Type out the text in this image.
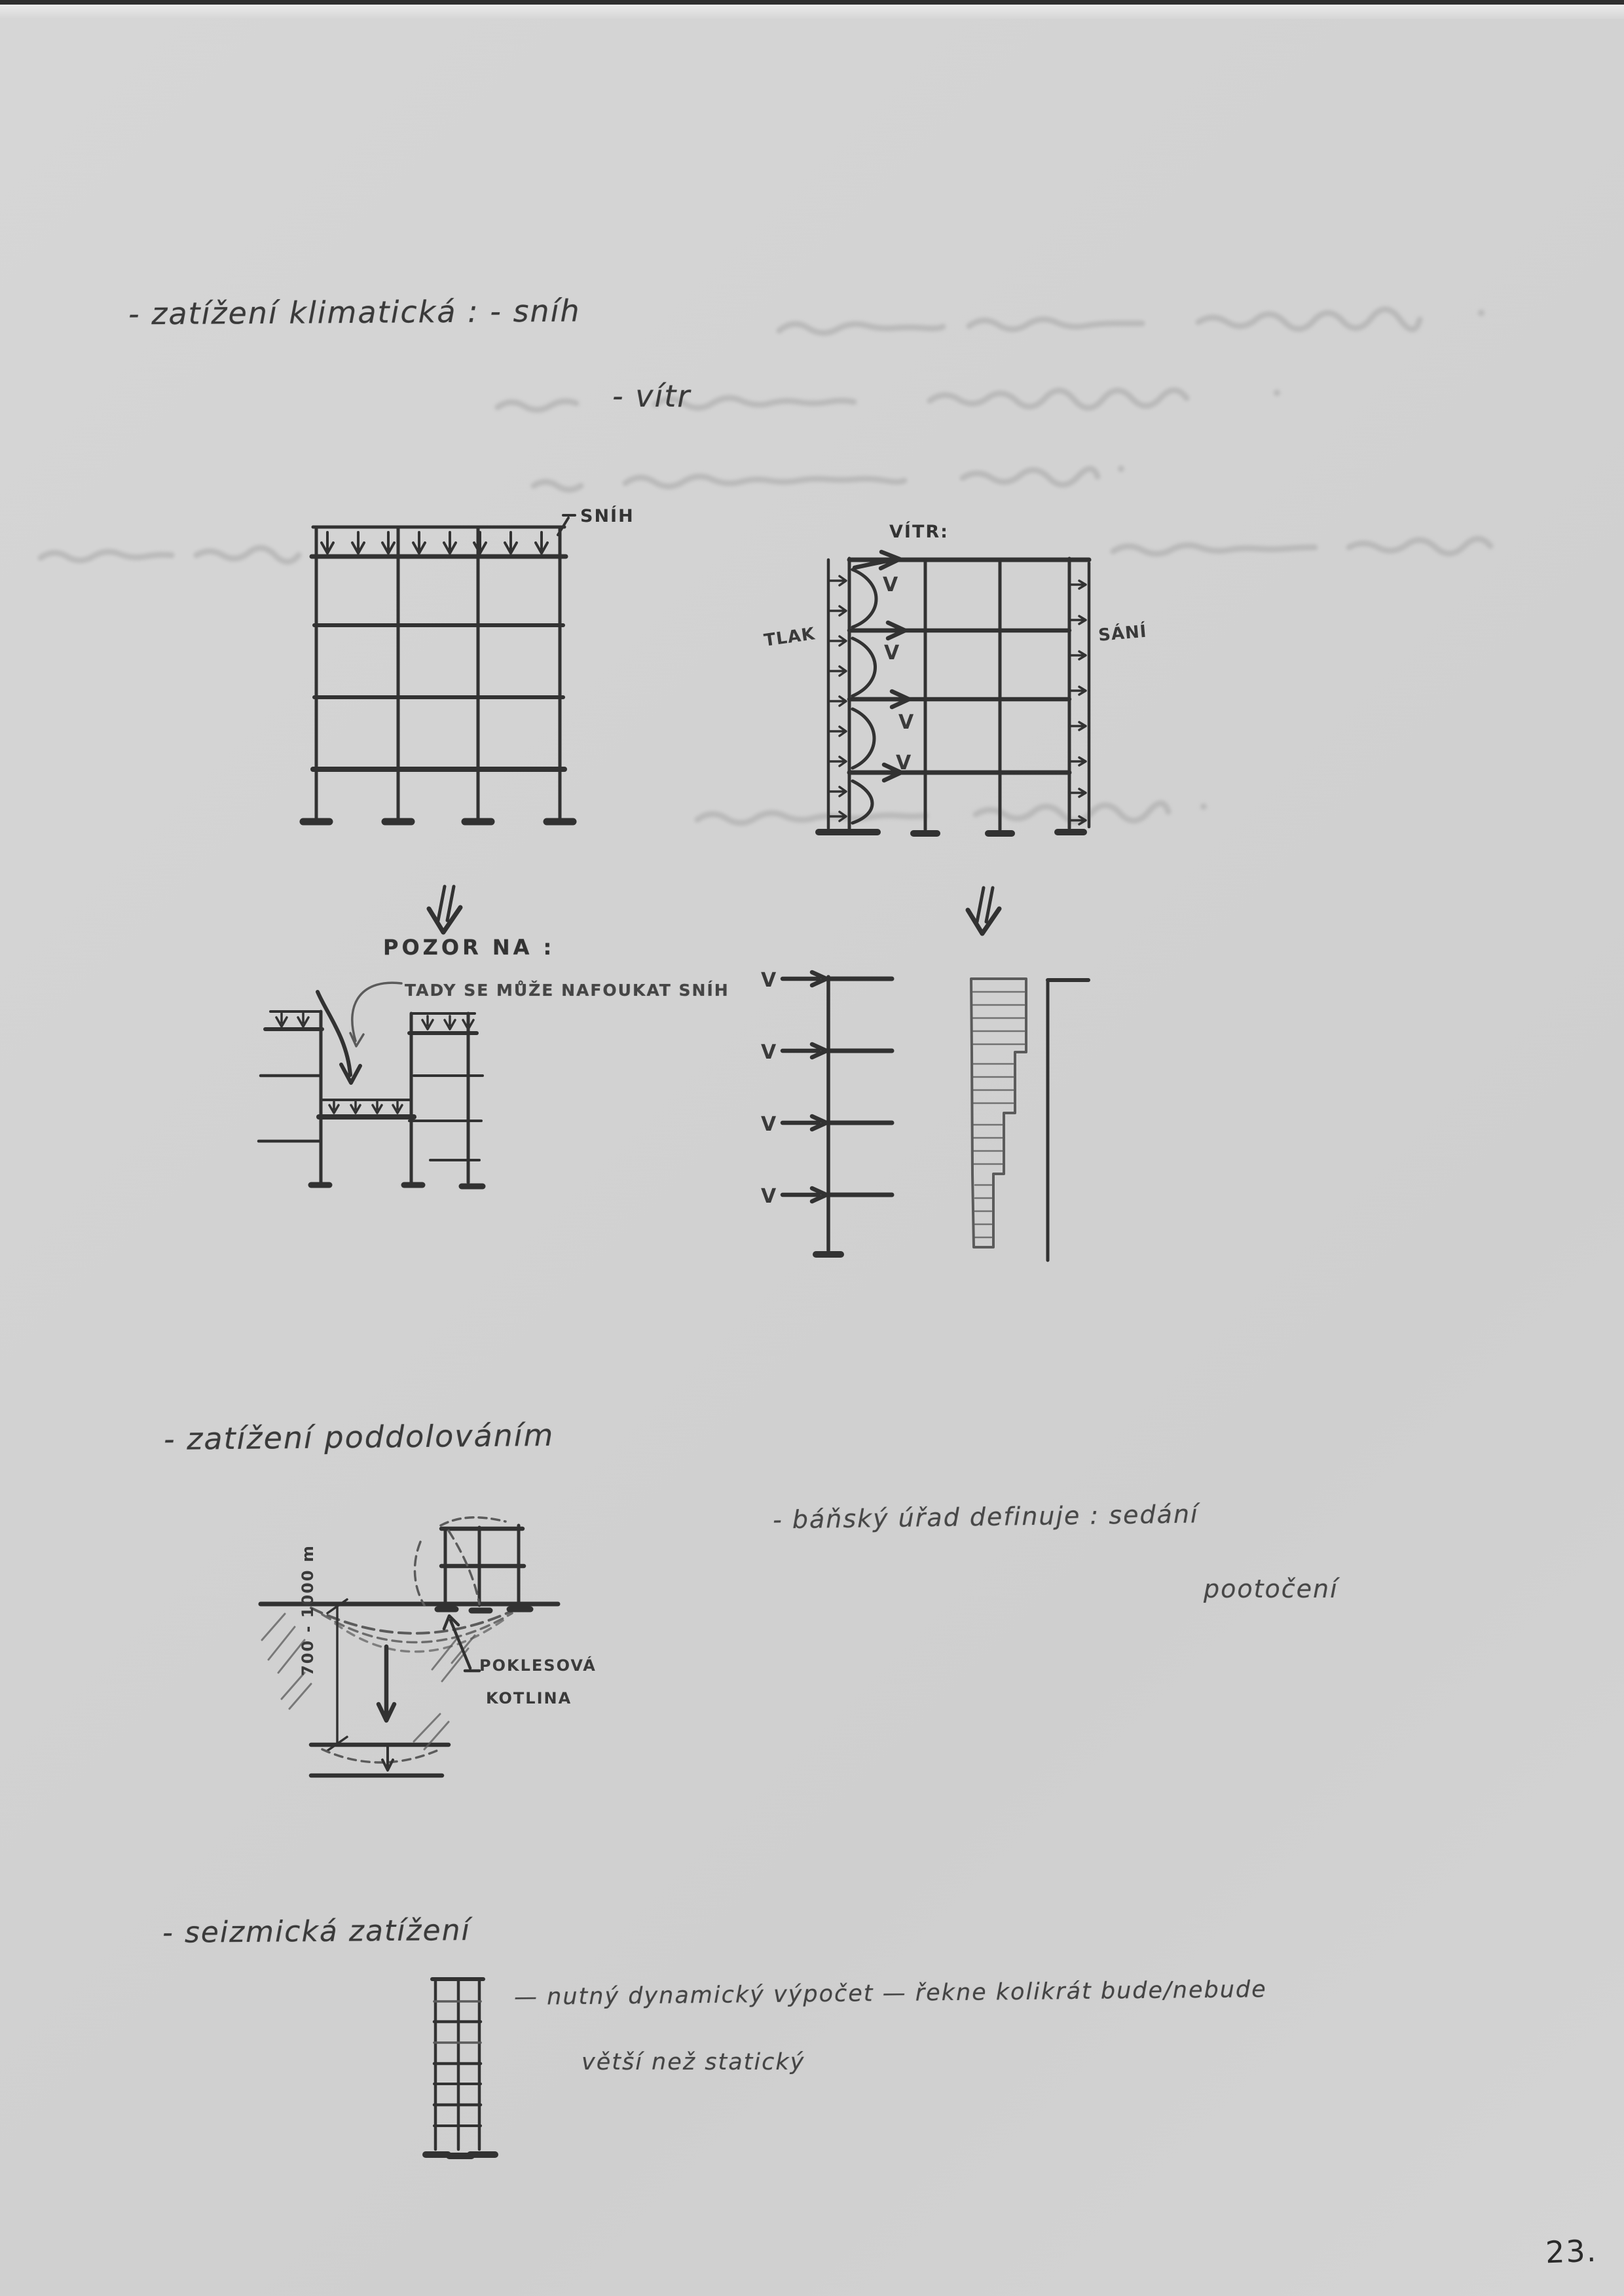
- zatížení klimatická : - sníh
- vítr
SNÍH
VÍTR:
TLAK	SÁNÍ
V
V
V
V
POZOR NA :
TADY SE MŮŽE NAFOUKAT SNÍH V
V
V
V
- zatížení poddolováním
- báňský úřad definuje : sedání
pootočení
700 - 1000 m	POKLESOVÁ
KOTLINA
- seizmická zatížení
— nutný dynamický výpočet — řekne kolikrát bude/nebude
větší než statický
23.
